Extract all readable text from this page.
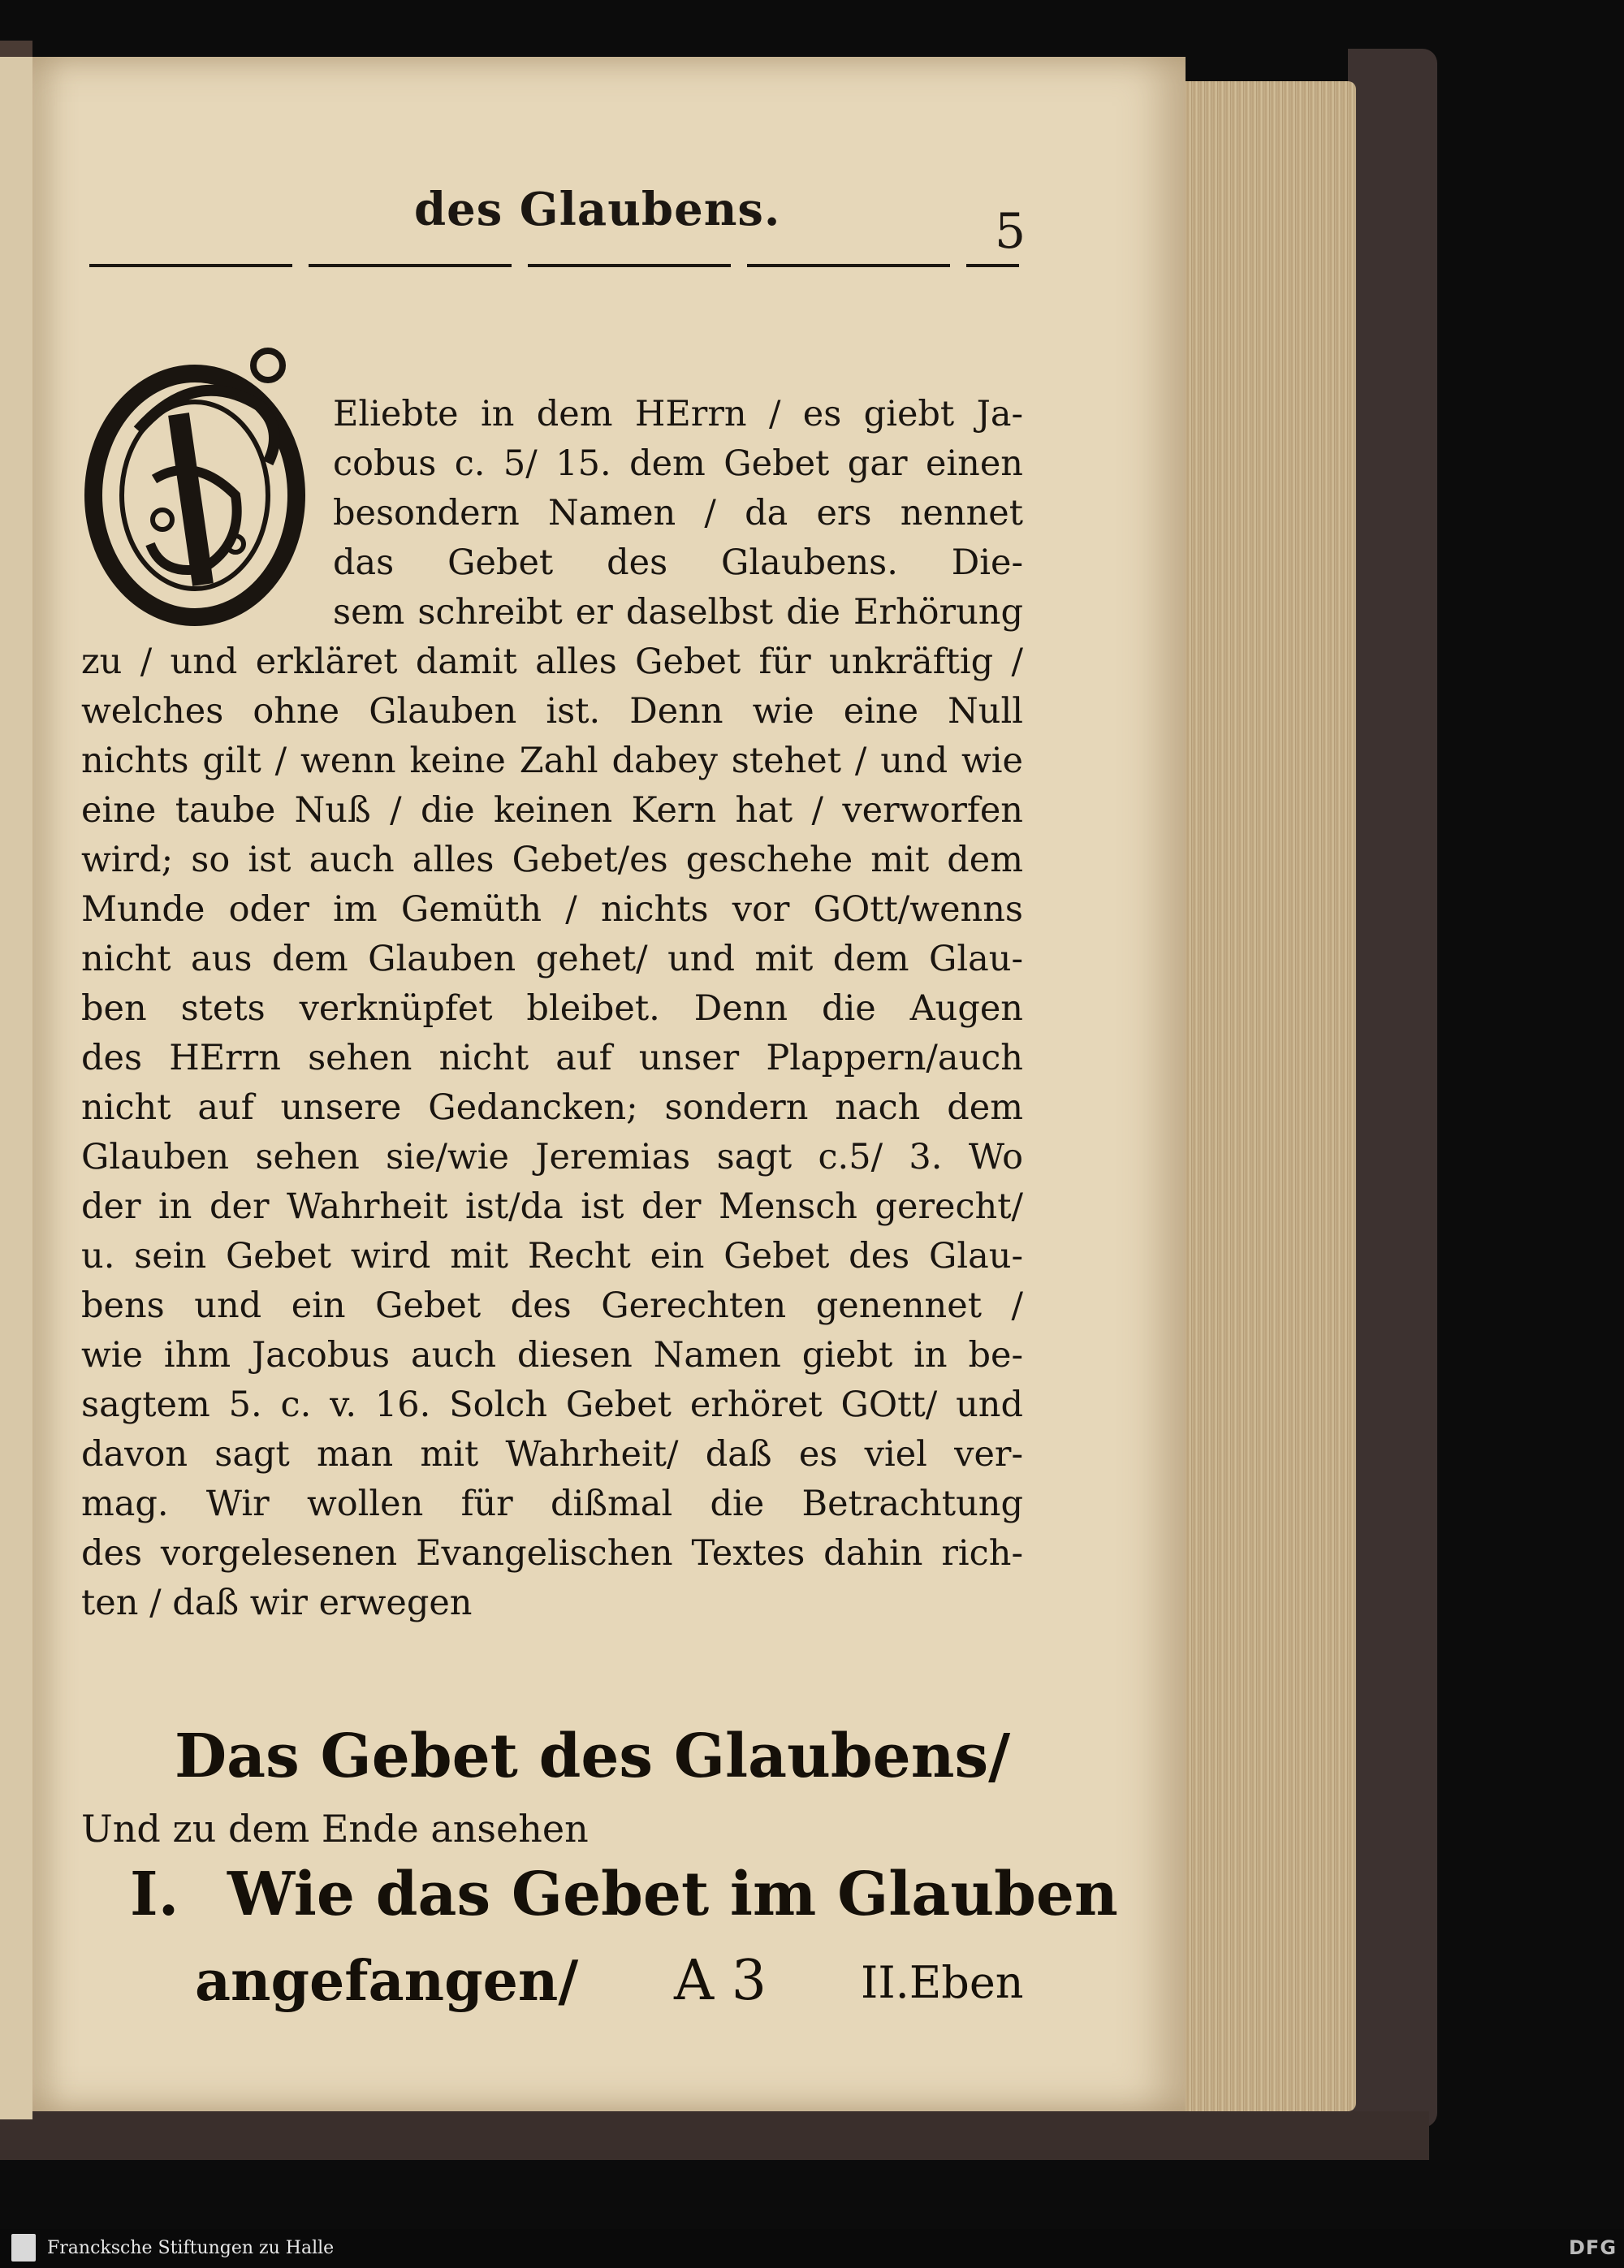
des Glaubens.	5
Eliebte in dem HErrn / es giebt Ja-
cobus c. 5/ 15. dem Gebet gar einen
besondern Namen / da ers nennet
das Gebet des Glaubens. Die-
sem schreibt er daselbst die Erhörung
zu / und erkläret damit alles Gebet für unkräftig /
welches ohne Glauben ist. Denn wie eine Null
nichts gilt / wenn keine Zahl dabey stehet / und wie
eine taube Nuß / die keinen Kern hat / verworfen
wird; so ist auch alles Gebet/es geschehe mit dem
Munde oder im Gemüth / nichts vor GOtt/wenns
nicht aus dem Glauben gehet/ und mit dem Glau-
ben stets verknüpfet bleibet. Denn die Augen
des HErrn sehen nicht auf unser Plappern/auch
nicht auf unsere Gedancken; sondern nach dem
Glauben sehen sie/wie Jeremias sagt c.5/ 3. Wo
der in der Wahrheit ist/da ist der Mensch gerecht/
u. sein Gebet wird mit Recht ein Gebet des Glau-
bens und ein Gebet des Gerechten genennet /
wie ihm Jacobus auch diesen Namen giebt in be-
sagtem 5. c. v. 16. Solch Gebet erhöret GOtt/ und
davon sagt man mit Wahrheit/ daß es viel ver-
mag. Wir wollen für dißmal die Betrachtung
des vorgelesenen Evangelischen Textes dahin rich-
ten / daß wir erwegen
Das Gebet des Glaubens/
Und zu dem Ende ansehen
I. Wie das Gebet im Glauben
angefangen/ A 3 II.Eben
Francksche Stiftungen zu Halle	DFG
